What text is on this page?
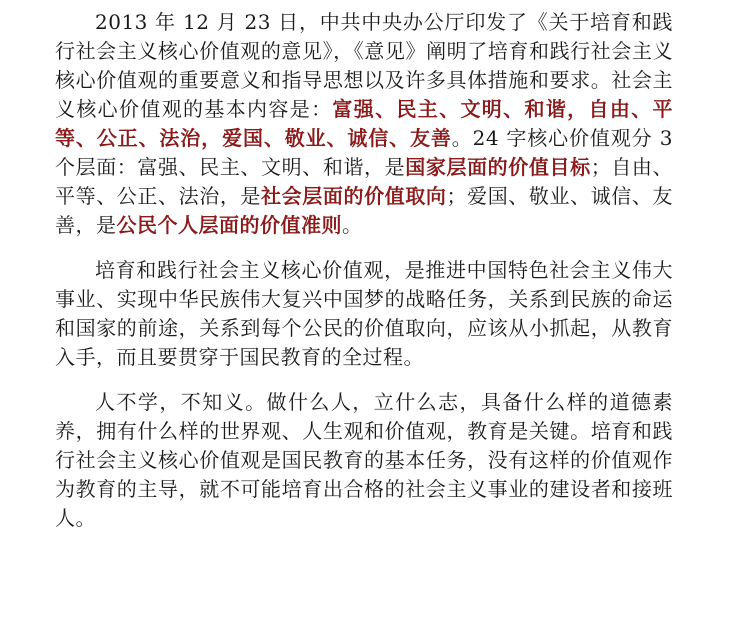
2013 年 12 月 23 日，中共中央办公厅印发了《关于培育和践行社会主义核心价值观的意见》，《意见》阐明了培育和践行社会主义核心价值观的重要意义和指导思想以及许多具体措施和要求。社会主义核心价值观的基本内容是：富强、民主、文明、和谐，自由、平等、公正、法治，爱国、敬业、诚信、友善。24 字核心价值观分 3 个层面：富强、民主、文明、和谐，是国家层面的价值目标；自由、平等、公正、法治，是社会层面的价值取向；爱国、敬业、诚信、友善，是公民个人层面的价值准则。

培育和践行社会主义核心价值观，是推进中国特色社会主义伟大事业、实现中华民族伟大复兴中国梦的战略任务，关系到民族的命运和国家的前途，关系到每个公民的价值取向，应该从小抓起，从教育入手，而且要贯穿于国民教育的全过程。

人不学，不知义。做什么人，立什么志，具备什么样的道德素养，拥有什么样的世界观、人生观和价值观，教育是关键。培育和践行社会主义核心价值观是国民教育的基本任务，没有这样的价值观作为教育的主导，就不可能培育出合格的社会主义事业的建设者和接班人。
